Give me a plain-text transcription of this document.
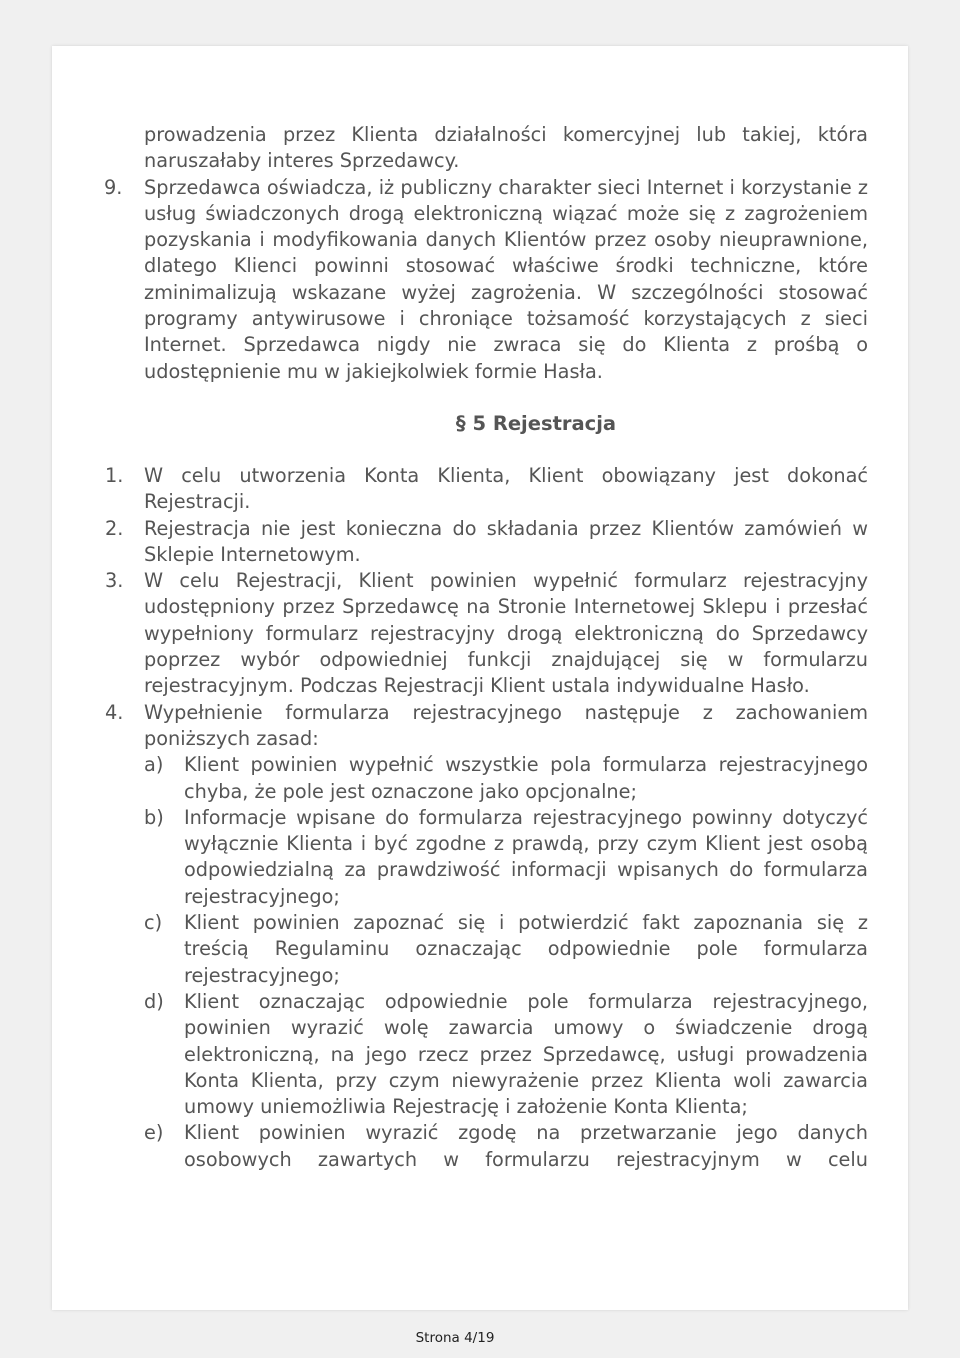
prowadzenia przez Klienta działalności komercyjnej lub takiej, która naruszałaby interes Sprzedawcy.

9. Sprzedawca oświadcza, iż publiczny charakter sieci Internet i korzystanie z usług świadczonych drogą elektroniczną wiązać może się z zagrożeniem pozyskania i modyfikowania danych Klientów przez osoby nieuprawnione, dlatego Klienci powinni stosować właściwe środki techniczne, które zminimalizują wskazane wyżej zagrożenia. W szczególności stosować programy antywirusowe i chroniące tożsamość korzystających z sieci Internet. Sprzedawca nigdy nie zwraca się do Klienta z prośbą o udostępnienie mu w jakiejkolwiek formie Hasła.
§ 5 Rejestracja
1. W celu utworzenia Konta Klienta, Klient obowiązany jest dokonać Rejestracji.
2. Rejestracja nie jest konieczna do składania przez Klientów zamówień w Sklepie Internetowym.
3. W celu Rejestracji, Klient powinien wypełnić formularz rejestracyjny udostępniony przez Sprzedawcę na Stronie Internetowej Sklepu i przesłać wypełniony formularz rejestracyjny drogą elektroniczną do Sprzedawcy poprzez wybór odpowiedniej funkcji znajdującej się w formularzu rejestracyjnym. Podczas Rejestracji Klient ustala indywidualne Hasło.
4. Wypełnienie formularza rejestracyjnego następuje z zachowaniem poniższych zasad:
a) Klient powinien wypełnić wszystkie pola formularza rejestracyjnego chyba, że pole jest oznaczone jako opcjonalne;
b) Informacje wpisane do formularza rejestracyjnego powinny dotyczyć wyłącznie Klienta i być zgodne z prawdą, przy czym Klient jest osobą odpowiedzialną za prawdziwość informacji wpisanych do formularza rejestracyjnego;
c) Klient powinien zapoznać się i potwierdzić fakt zapoznania się z treścią Regulaminu oznaczając odpowiednie pole formularza rejestracyjnego;
d) Klient oznaczając odpowiednie pole formularza rejestracyjnego, powinien wyrazić wolę zawarcia umowy o świadczenie drogą elektroniczną, na jego rzecz przez Sprzedawcę, usługi prowadzenia Konta Klienta, przy czym niewyrażenie przez Klienta woli zawarcia umowy uniemożliwia Rejestrację i założenie Konta Klienta;
e) Klient powinien wyrazić zgodę na przetwarzanie jego danych osobowych zawartych w formularzu rejestracyjnym w celu
Strona 4/19
